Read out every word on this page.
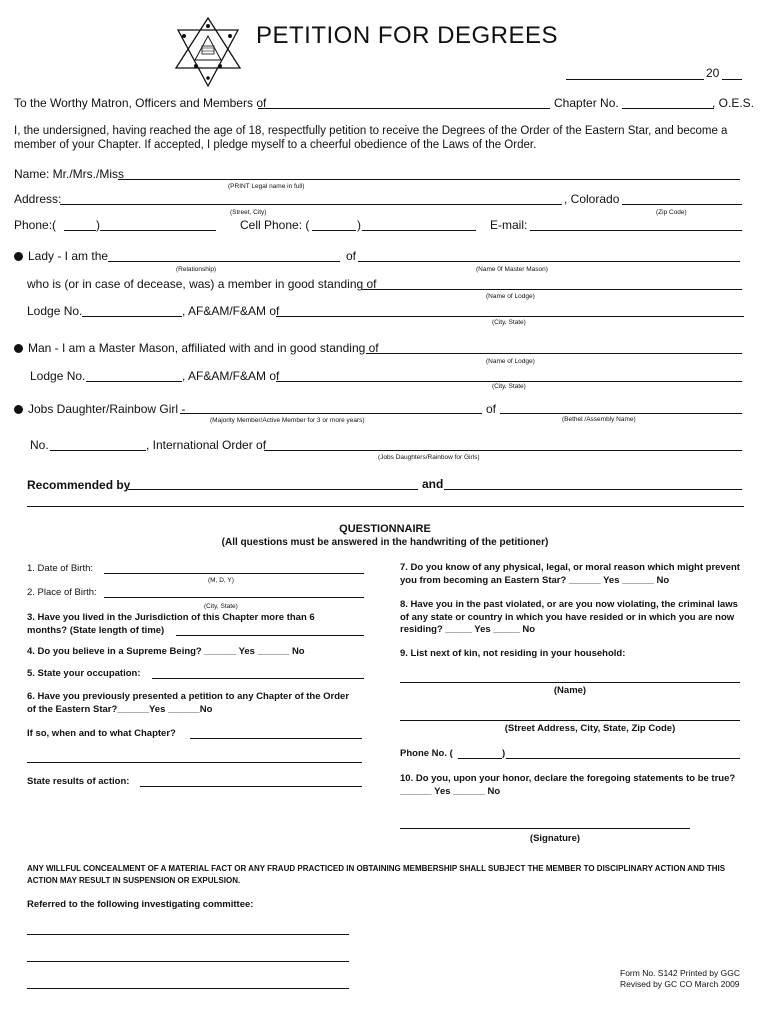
PETITION FOR DEGREES
20
To the Worthy Matron, Officers and Members of	Chapter No.	, O.E.S.
I, the undersigned, having reached the age of 18, respectfully petition to receive the Degrees of the Order of the Eastern Star, and become a member of your Chapter. If accepted, I pledge myself to a cheerful obedience of the Laws of the Order.
Name: Mr./Mrs./Miss
(PRINT Legal name in full)
Address:	, Colorado
(Street, City)	(Zip Code)
Phone:(	)	Cell Phone: (	)	E-mail:
Lady - I am the	of
(Relationship)	(Name 0f Master Mason)
who is (or in case of decease, was) a member in good standing of
(Name of Lodge)
Lodge No.	, AF&AM/F&AM of
(City, State)
Man - I am a Master Mason, affiliated with and in good standing of
(Name of Lodge)
Lodge No.	, AF&AM/F&AM of
(City, State)
Jobs Daughter/Rainbow Girl -	of
(Majority Member/Active Member for 3 or more years)	(Bethel /Assembly Name)
No.	, International Order of
(Jobs Daughters/Rainbow for Girls)
Recommended by	and
QUESTIONNAIRE
(All questions must be answered in the handwriting of the petitioner)
1. Date of Birth:
(M, D, Y)
2. Place of Birth:
(City, State)
3. Have you lived in the Jurisdiction of this Chapter more than 6 months? (State length of time)
4. Do you believe in a Supreme Being? ______ Yes ______ No
5. State your occupation:
6. Have you previously presented a petition to any Chapter of the Order of the Eastern Star?______Yes ______No
If so, when and to what Chapter?
State results of action:
7. Do you know of any physical, legal, or moral reason which might prevent you from becoming an Eastern Star? ______ Yes ______ No
8. Have you in the past violated, or are you now violating, the criminal laws of any state or country in which you have resided or in which you are now residing? _____ Yes _____ No
9. List next of kin, not residing in your household:
(Name)
(Street Address, City, State, Zip Code)
Phone No. (	)
10. Do you, upon your honor, declare the foregoing statements to be true? ______ Yes ______ No
(Signature)
ANY WILLFUL CONCEALMENT OF A MATERIAL FACT OR ANY FRAUD PRACTICED IN OBTAINING MEMBERSHIP SHALL SUBJECT THE MEMBER TO DISCIPLINARY ACTION AND THIS ACTION MAY RESULT IN SUSPENSION OR EXPULSION.
Referred to the following investigating committee:
Form No. S142 Printed by GGC
Revised by GC CO March 2009
